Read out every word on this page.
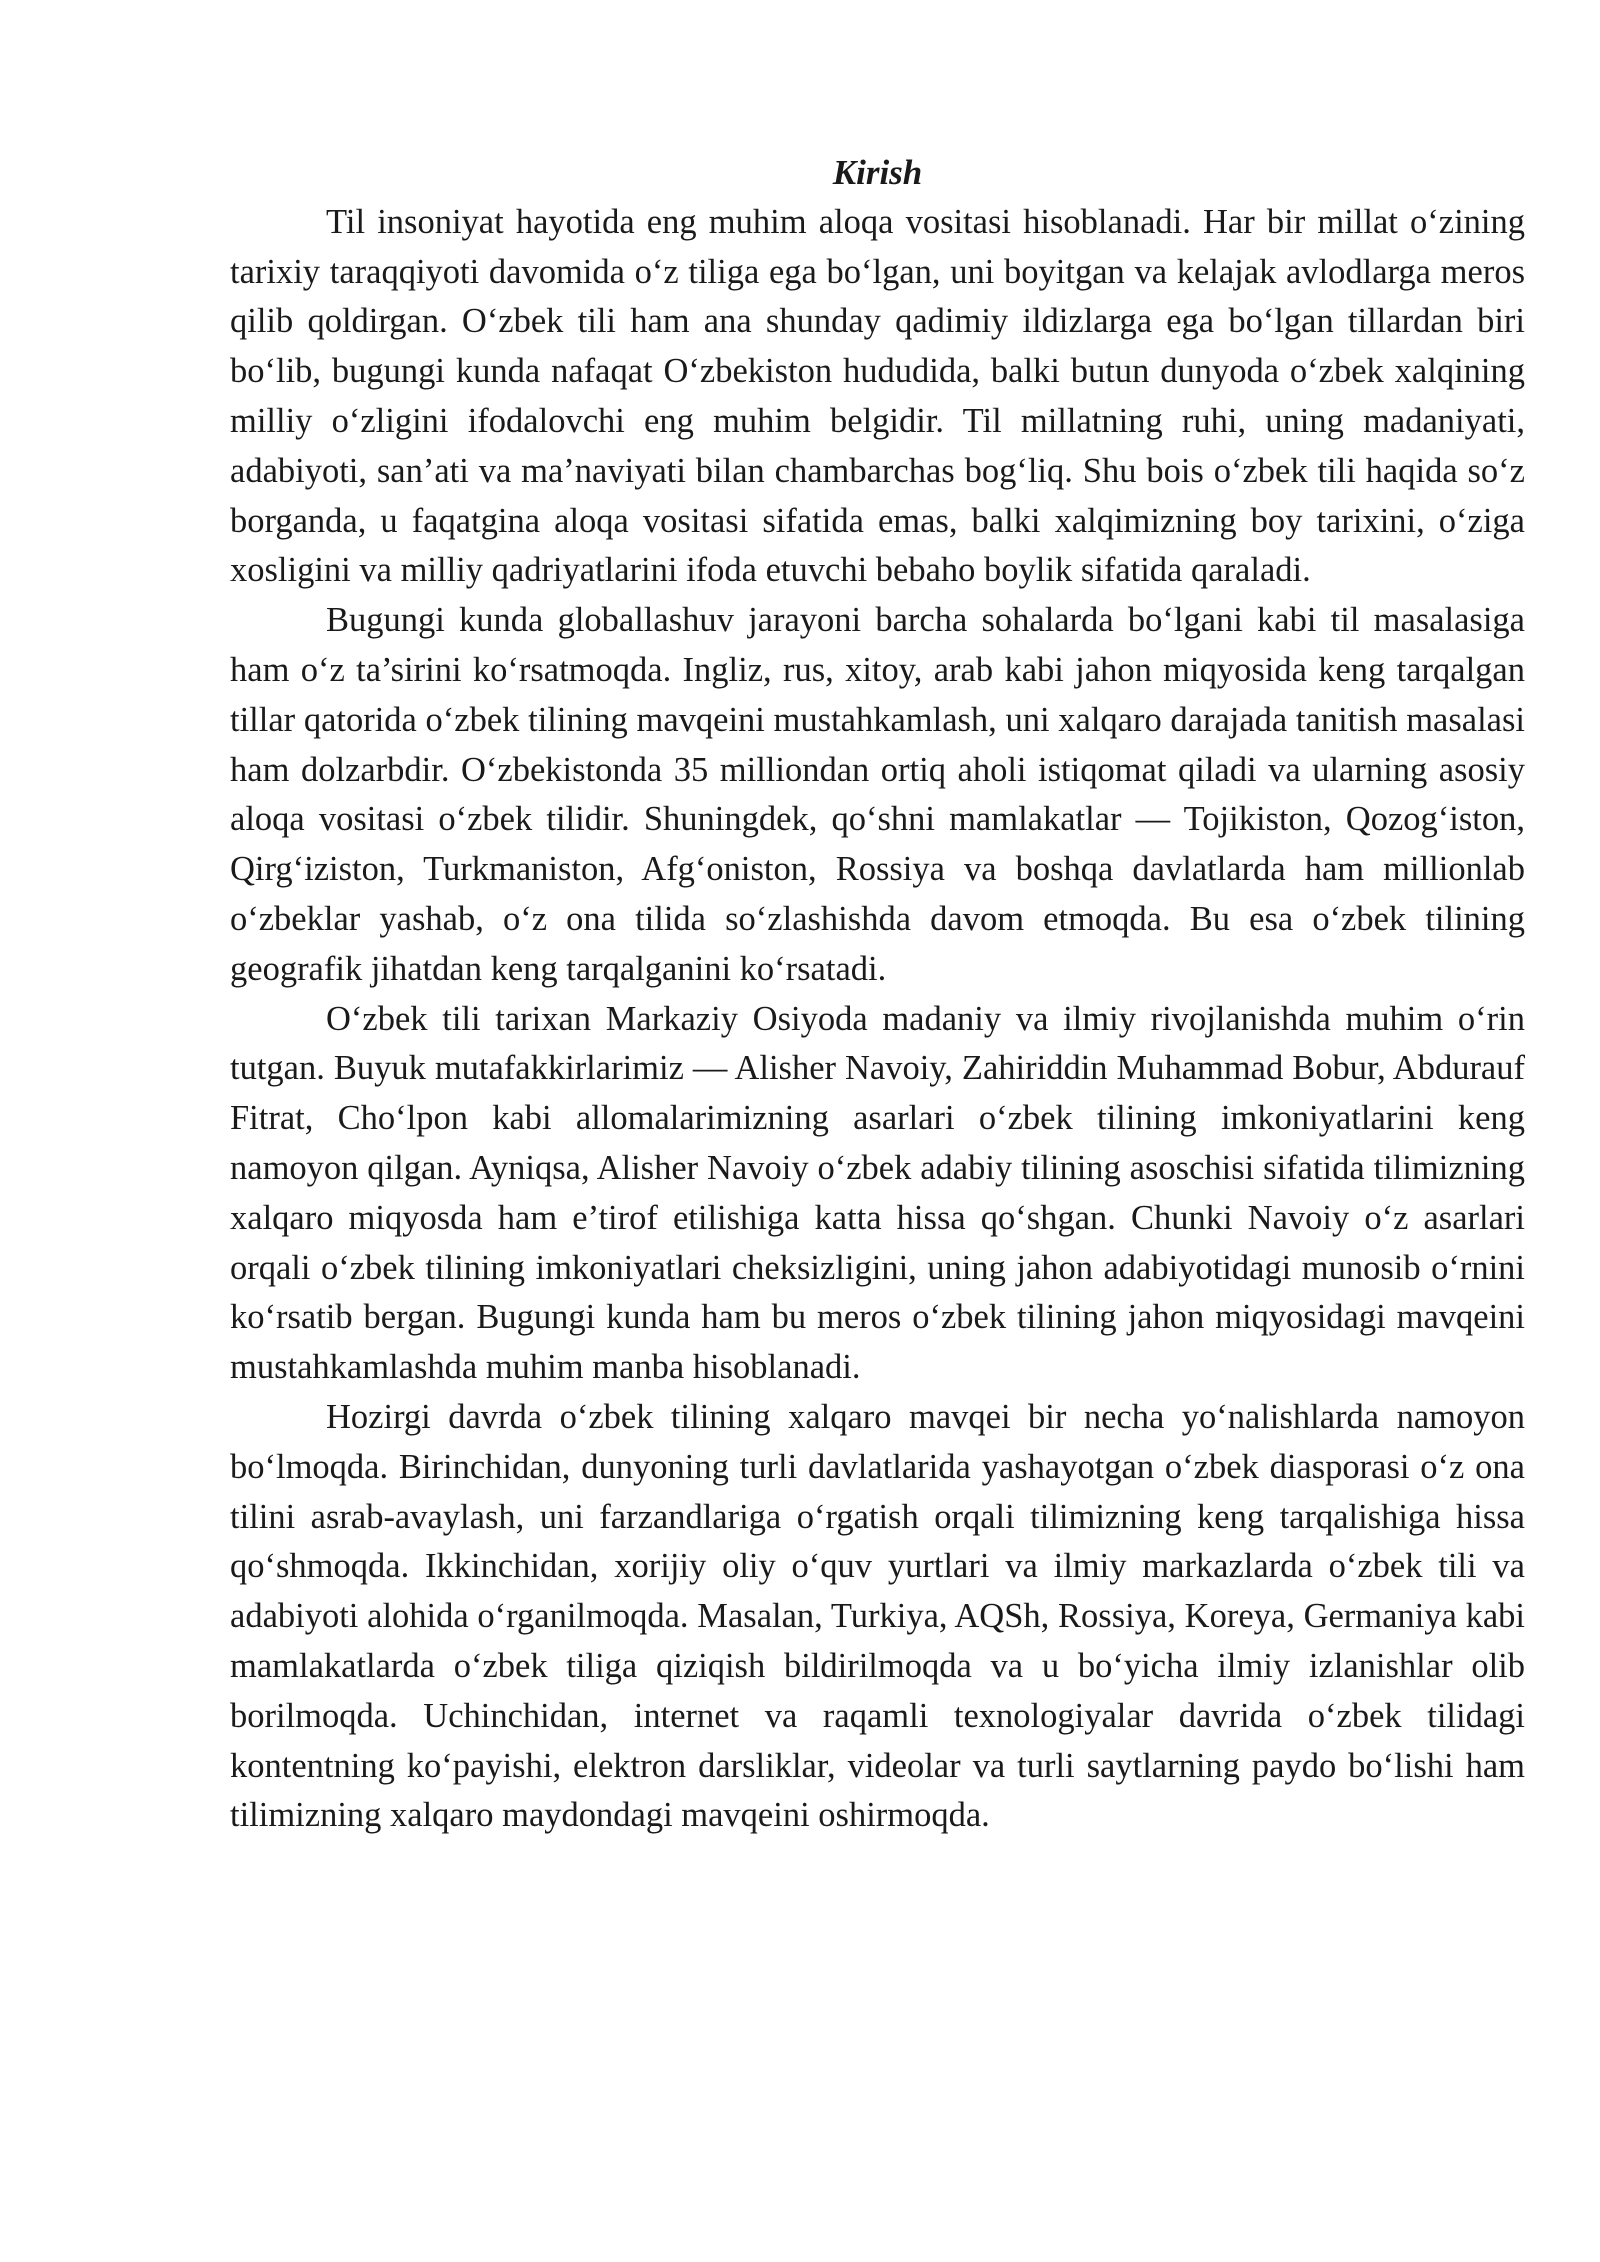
Kirish

Til insoniyat hayotida eng muhim aloqa vositasi hisoblanadi. Har bir millat o‘zining tarixiy taraqqiyoti davomida o‘z tiliga ega bo‘lgan, uni boyitgan va kelajak avlodlarga meros qilib qoldirgan. O‘zbek tili ham ana shunday qadimiy ildizlarga ega bo‘lgan tillardan biri bo‘lib, bugungi kunda nafaqat O‘zbekiston hududida, balki butun dunyoda o‘zbek xalqining milliy o‘zligini ifodalovchi eng muhim belgidir. Til millatning ruhi, uning madaniyati, adabiyoti, san’ati va ma’naviyati bilan chambarchas bog‘liq. Shu bois o‘zbek tili haqida so‘z borganda, u faqatgina aloqa vositasi sifatida emas, balki xalqimizning boy tarixini, o‘ziga xosligini va milliy qadriyatlarini ifoda etuvchi bebaho boylik sifatida qaraladi.

Bugungi kunda globallashuv jarayoni barcha sohalarda bo‘lgani kabi til masalasiga ham o‘z ta’sirini ko‘rsatmoqda. Ingliz, rus, xitoy, arab kabi jahon miqyosida keng tarqalgan tillar qatorida o‘zbek tilining mavqeini mustahkamlash, uni xalqaro darajada tanitish masalasi ham dolzarbdir. O‘zbekistonda 35 milliondan ortiq aholi istiqomat qiladi va ularning asosiy aloqa vositasi o‘zbek tilidir. Shuningdek, qo‘shni mamlakatlar — Tojikiston, Qozog‘iston, Qirg‘iziston, Turkmaniston, Afg‘oniston, Rossiya va boshqa davlatlarda ham millionlab o‘zbeklar yashab, o‘z ona tilida so‘zlashishda davom etmoqda. Bu esa o‘zbek tilining geografik jihatdan keng tarqalganini ko‘rsatadi.

O‘zbek tili tarixan Markaziy Osiyoda madaniy va ilmiy rivojlanishda muhim o‘rin tutgan. Buyuk mutafakkirlarimiz — Alisher Navoiy, Zahiriddin Muhammad Bobur, Abdurauf Fitrat, Cho‘lpon kabi allomalarimizning asarlari o‘zbek tilining imkoniyatlarini keng namoyon qilgan. Ayniqsa, Alisher Navoiy o‘zbek adabiy tilining asoschisi sifatida tilimizning xalqaro miqyosda ham e’tirof etilishiga katta hissa qo‘shgan. Chunki Navoiy o‘z asarlari orqali o‘zbek tilining imkoniyatlari cheksizligini, uning jahon adabiyotidagi munosib o‘rnini ko‘rsatib bergan. Bugungi kunda ham bu meros o‘zbek tilining jahon miqyosidagi mavqeini mustahkamlashda muhim manba hisoblanadi.

Hozirgi davrda o‘zbek tilining xalqaro mavqei bir necha yo‘nalishlarda namoyon bo‘lmoqda. Birinchidan, dunyoning turli davlatlarida yashayotgan o‘zbek diasporasi o‘z ona tilini asrab-avaylash, uni farzandlariga o‘rgatish orqali tilimizning keng tarqalishiga hissa qo‘shmoqda. Ikkinchidan, xorijiy oliy o‘quv yurtlari va ilmiy markazlarda o‘zbek tili va adabiyoti alohida o‘rganilmoqda. Masalan, Turkiya, AQSh, Rossiya, Koreya, Germaniya kabi mamlakatlarda o‘zbek tiliga qiziqish bildirilmoqda va u bo‘yicha ilmiy izlanishlar olib borilmoqda. Uchinchidan, internet va raqamli texnologiyalar davrida o‘zbek tilidagi kontentning ko‘payishi, elektron darsliklar, videolar va turli saytlarning paydo bo‘lishi ham tilimizning xalqaro maydondagi mavqeini oshirmoqda.
